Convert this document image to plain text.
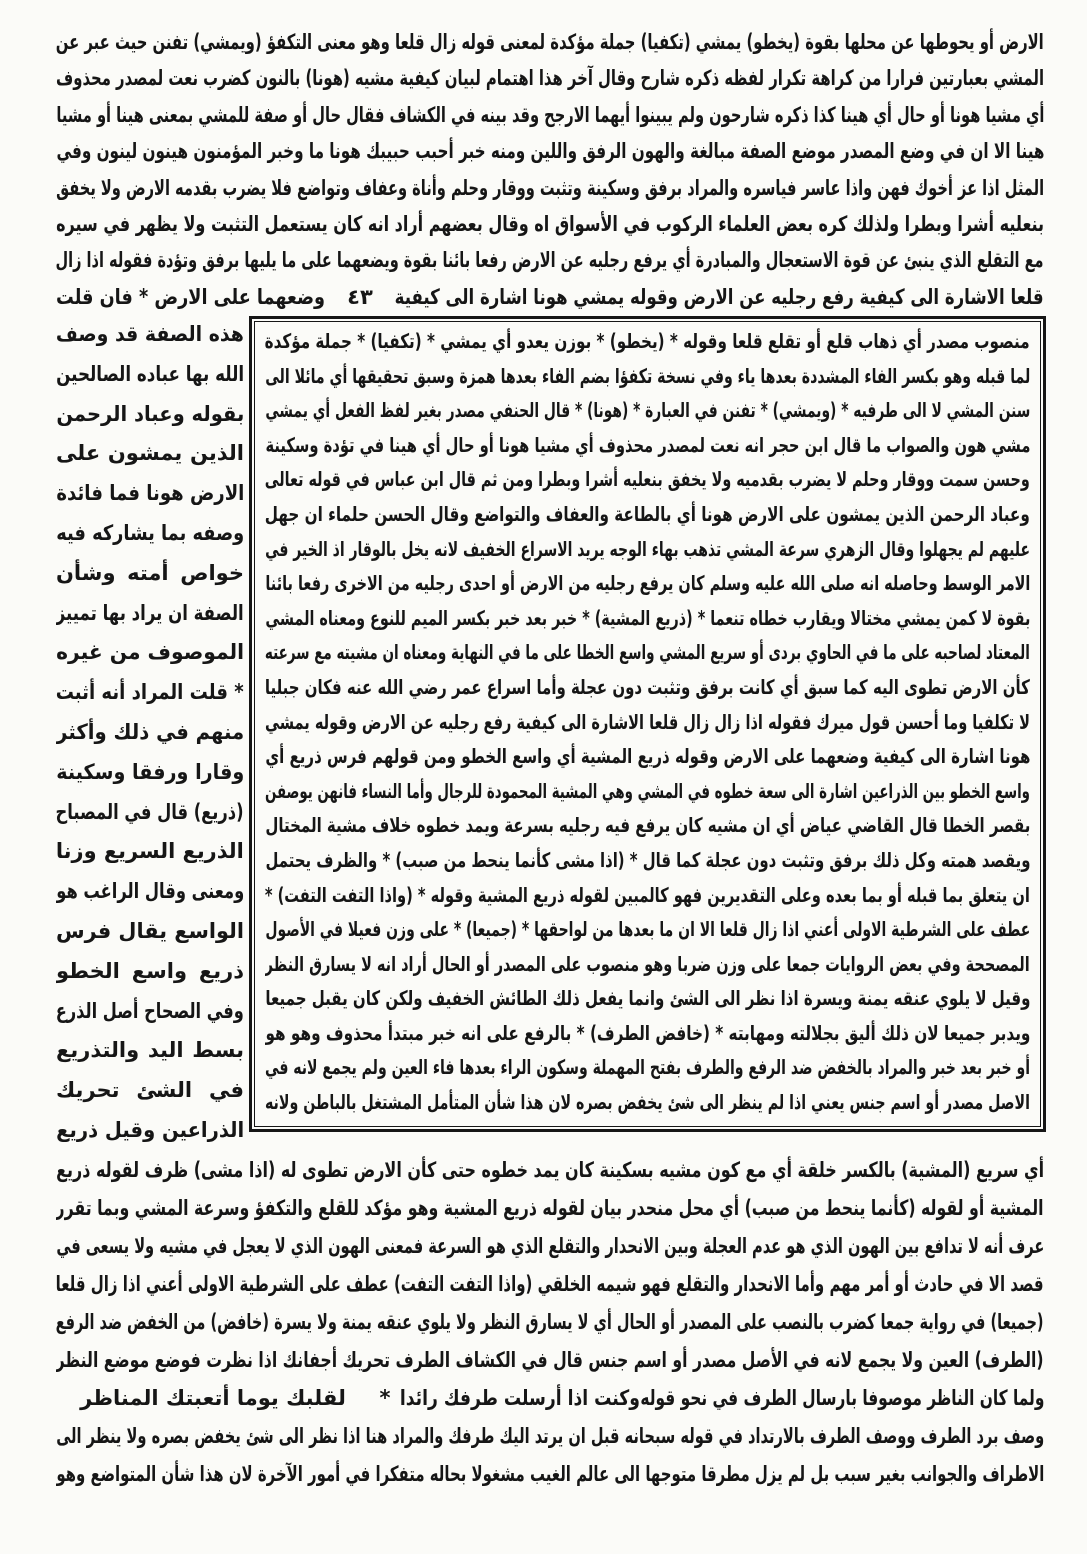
الارض أو يحوطها عن محلها بقوة (يخطو) يمشي (تكفيا) جملة مؤكدة لمعنى قوله زال قلعا وهو معنى التكفؤ (ويمشي) تفنن حيث عبر عن
المشي بعبارتين فرارا من كراهة تكرار لفظه ذكره شارح وقال آخر هذا اهتمام لبيان كيفية مشيه (هونا) بالنون كضرب نعت لمصدر محذوف
أي مشيا هونا أو حال أي هينا كذا ذكره شارحون ولم يبينوا أيهما الارجح وقد بينه في الكشاف فقال حال أو صفة للمشي بمعنى هينا أو مشيا
هينا الا ان في وضع المصدر موضع الصفة مبالغة والهون الرفق واللين ومنه خبر أحبب حبيبك هونا ما وخبر المؤمنون هينون لينون وفي
المثل اذا عز أخوك فهن واذا عاسر فياسره والمراد برفق وسكينة وتثبت ووقار وحلم وأناة وعفاف وتواضع فلا يضرب بقدمه الارض ولا يخفق
بنعليه أشرا وبطرا ولذلك كره بعض العلماء الركوب في الأسواق اه وقال بعضهم أراد انه كان يستعمل التثبت ولا يظهر في سيره
مع التقلع الذي ينبئ عن قوة الاستعجال والمبادرة أي يرفع رجليه عن الارض رفعا بائنا بقوة ويضعهما على ما يليها برفق وتؤدة فقوله اذا زال
قلعا الاشارة الى كيفية رفع رجليه عن الارض وقوله يمشي هونا اشارة الى كيفية
٤٣
وضعهما على الارض * فان قلت
منصوب مصدر أي ذهاب قلع أو تقلع قلعا وقوله * (يخطو) * بوزن يعدو أي يمشي * (تكفيا) * جملة مؤكدة
لما قبله وهو بكسر الفاء المشددة بعدها ياء وفي نسخة تكفؤا بضم الفاء بعدها همزة وسبق تحقيقها أي مائلا الى
سنن المشي لا الى طرفيه * (ويمشي) * تفنن في العبارة * (هونا) * قال الحنفي مصدر بغير لفظ الفعل أي يمشي
مشي هون والصواب ما قال ابن حجر انه نعت لمصدر محذوف أي مشيا هونا أو حال أي هينا في تؤدة وسكينة
وحسن سمت ووقار وحلم لا يضرب بقدميه ولا يخفق بنعليه أشرا وبطرا ومن ثم قال ابن عباس في قوله تعالى
وعباد الرحمن الذين يمشون على الارض هونا أي بالطاعة والعفاف والتواضع وقال الحسن حلماء ان جهل
عليهم لم يجهلوا وقال الزهري سرعة المشي تذهب بهاء الوجه يريد الاسراع الخفيف لانه يخل بالوقار اذ الخير في
الامر الوسط وحاصله انه صلى الله عليه وسلم كان يرفع رجليه من الارض أو احدى رجليه من الاخرى رفعا بائنا
بقوة لا كمن يمشي مختالا ويقارب خطاه تنعما * (ذريع المشية) * خبر بعد خبر بكسر الميم للنوع ومعناه المشي
المعتاد لصاحبه على ما في الحاوي بردى أو سريع المشي واسع الخطا على ما في النهاية ومعناه ان مشيته مع سرعته
كأن الارض تطوى اليه كما سبق أي كانت برفق وتثبت دون عجلة وأما اسراع عمر رضي الله عنه فكان جبليا
لا تكلفيا وما أحسن قول ميرك فقوله اذا زال زال قلعا الاشارة الى كيفية رفع رجليه عن الارض وقوله يمشي
هونا اشارة الى كيفية وضعهما على الارض وقوله ذريع المشية أي واسع الخطو ومن قولهم فرس ذريع أي
واسع الخطو بين الذراعين اشارة الى سعة خطوه في المشي وهي المشية المحمودة للرجال وأما النساء فانهن يوصفن
بقصر الخطا قال القاضي عياض أي ان مشيه كان يرفع فيه رجليه بسرعة ويمد خطوه خلاف مشية المختال
ويقصد همته وكل ذلك برفق وتثبت دون عجلة كما قال * (اذا مشى كأنما ينحط من صبب) * والظرف يحتمل
ان يتعلق بما قبله أو بما بعده وعلى التقديرين فهو كالمبين لقوله ذريع المشية وقوله * (واذا التفت التفت) *
عطف على الشرطية الاولى أعني اذا زال قلعا الا ان ما بعدها من لواحقها * (جميعا) * على وزن فعيلا في الأصول
المصححة وفي بعض الروايات جمعا على وزن ضربا وهو منصوب على المصدر أو الحال أراد انه لا يسارق النظر
وقيل لا يلوي عنقه يمنة ويسرة اذا نظر الى الشئ وانما يفعل ذلك الطائش الخفيف ولكن كان يقبل جميعا
ويدبر جميعا لان ذلك أليق بجلالته ومهابته * (خافض الطرف) * بالرفع على انه خبر مبتدأ محذوف وهو هو
أو خبر بعد خبر والمراد بالخفض ضد الرفع والطرف بفتح المهملة وسكون الراء بعدها فاء العين ولم يجمع لانه في
الاصل مصدر أو اسم جنس يعني اذا لم ينظر الى شئ يخفض بصره لان هذا شأن المتأمل المشتغل بالباطن ولانه
هذه الصفة قد وصف
الله بها عباده الصالحين
بقوله وعباد الرحمن
الذين يمشون على
الارض هونا فما فائدة
وصفه بما يشاركه فيه
خواص أمته وشأن
الصفة ان يراد بها تمييز
الموصوف من غيره
* قلت المراد أنه أثبت
منهم في ذلك وأكثر
وقارا ورفقا وسكينة
(ذريع) قال في المصباح
الذريع السريع وزنا
ومعنى وقال الراغب هو
الواسع يقال فرس
ذريع واسع الخطو
وفي الصحاح أصل الذرع
بسط اليد والتذريع
في الشئ تحريك
الذراعين وقيل ذريع
أي سريع (المشية) بالكسر خلقة أي مع كون مشيه بسكينة كان يمد خطوه حتى كأن الارض تطوى له (اذا مشى) ظرف لقوله ذريع
المشية أو لقوله (كأنما ينحط من صبب) أي محل منحدر بيان لقوله ذريع المشية وهو مؤكد للقلع والتكفؤ وسرعة المشي وبما تقرر
عرف أنه لا تدافع بين الهون الذي هو عدم العجلة وبين الانحدار والتقلع الذي هو السرعة فمعنى الهون الذي لا يعجل في مشيه ولا يسعى في
قصد الا في حادث أو أمر مهم وأما الانحدار والتقلع فهو شيمه الخلقي (واذا التفت التفت) عطف على الشرطية الاولى أعني اذا زال قلعا
(جميعا) في رواية جمعا كضرب بالنصب على المصدر أو الحال أي لا يسارق النظر ولا يلوي عنقه يمنة ولا يسرة (خافض) من الخفض ضد الرفع
(الطرف) العين ولا يجمع لانه في الأصل مصدر أو اسم جنس قال في الكشاف الطرف تحريك أجفانك اذا نظرت فوضع موضع النظر
ولما كان الناظر موصوفا بارسال الطرف في نحو قوله
وكنت اذا أرسلت طرفك رائدا
*
لقلبك يوما أتعبتك المناظر
وصف برد الطرف ووصف الطرف بالارتداد في قوله سبحانه قبل ان يرتد اليك طرفك والمراد هنا اذا نظر الى شئ يخفض بصره ولا ينظر الى
الاطراف والجوانب بغير سبب بل لم يزل مطرقا متوجها الى عالم الغيب مشغولا بحاله متفكرا في أمور الآخرة لان هذا شأن المتواضع وهو
